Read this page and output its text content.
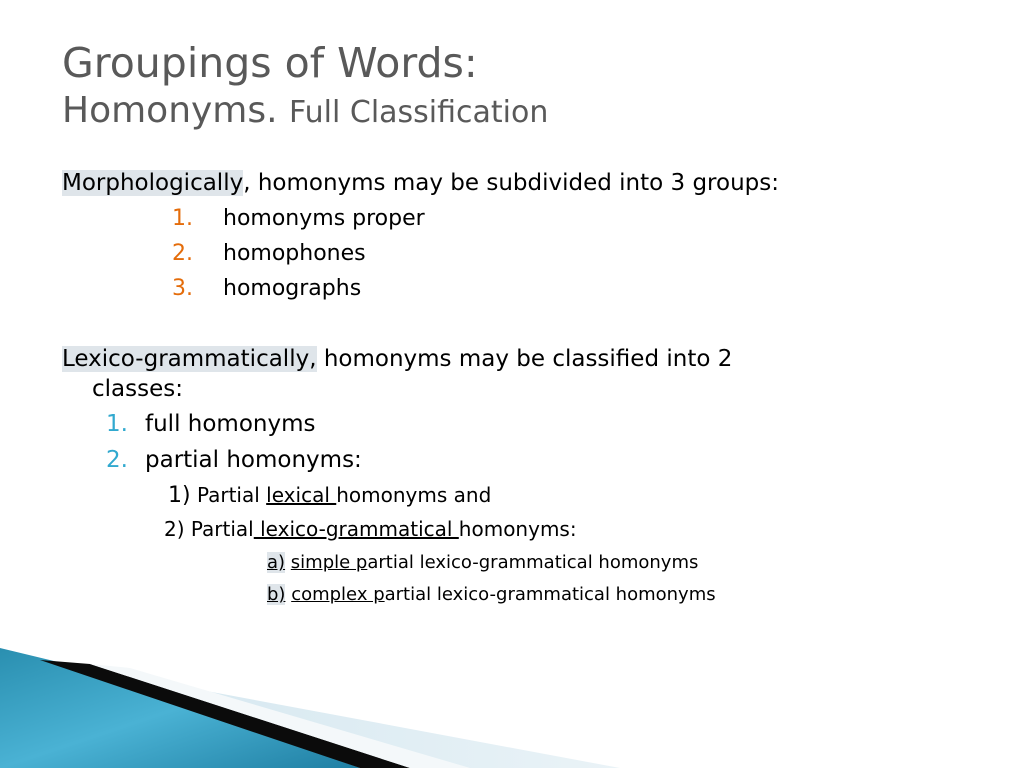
Groupings of Words:
Homonyms. Full Classification
Morphologically, homonyms may be subdivided into 3 groups:
1. homonyms proper
2. homophones
3. homographs
Lexico-grammatically, homonyms may be classified into 2
classes:
1. full homonyms
2. partial homonyms:
1) Partial lexical homonyms and
2) Partial lexico-grammatical homonyms:
a) simple partial lexico-grammatical homonyms
b) complex partial lexico-grammatical homonyms
